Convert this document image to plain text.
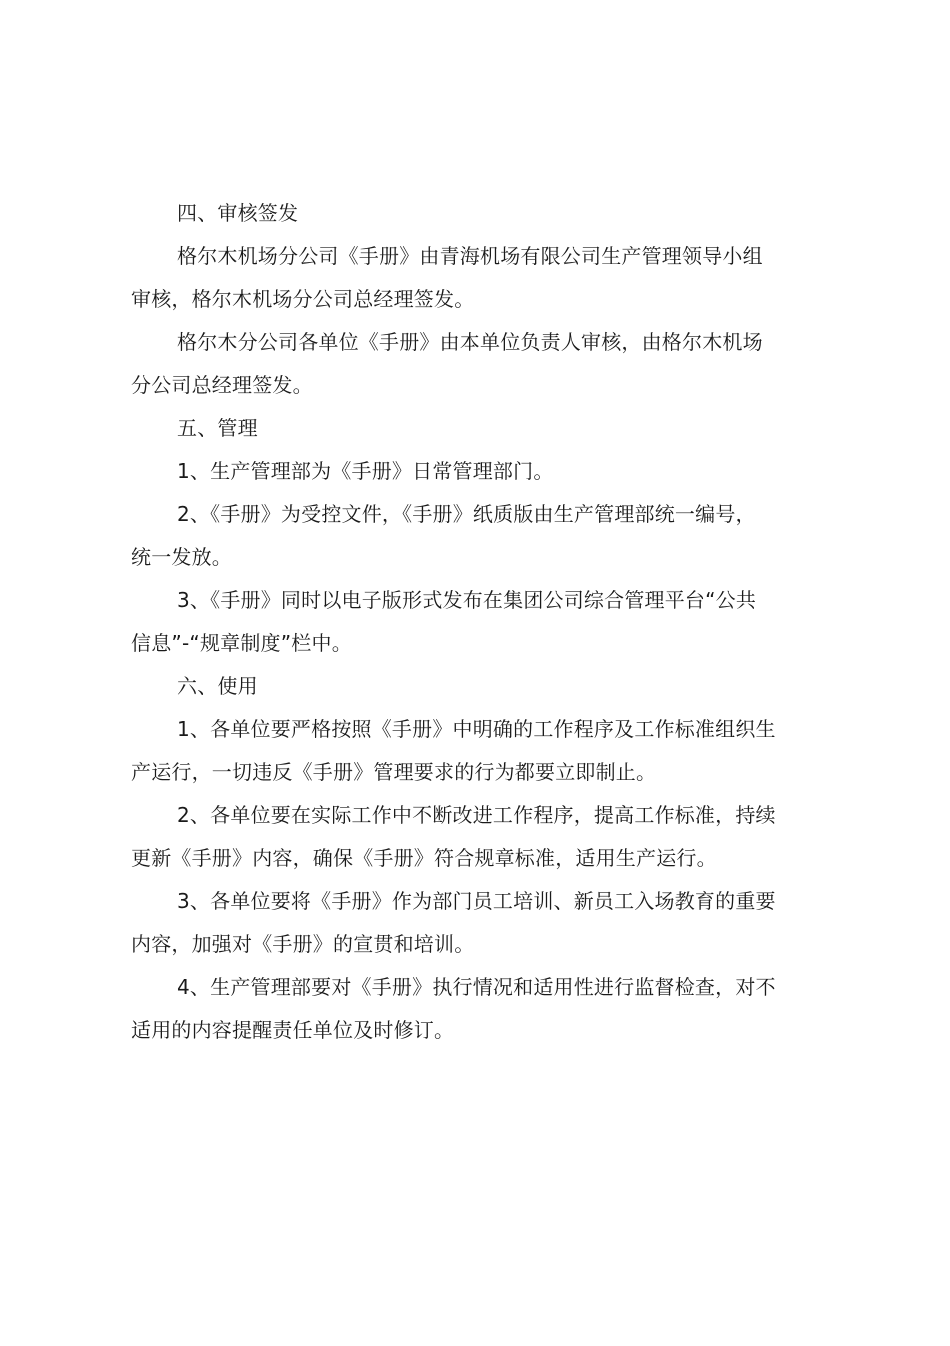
四、审核签发
格尔木机场分公司《手册》由青海机场有限公司生产管理领导小组
审核，格尔木机场分公司总经理签发。
格尔木分公司各单位《手册》由本单位负责人审核，由格尔木机场
分公司总经理签发。
五、管理
1、生产管理部为《手册》日常管理部门。
2、《手册》为受控文件，《手册》纸质版由生产管理部统一编号，
统一发放。
3、《手册》同时以电子版形式发布在集团公司综合管理平台“公共
信息”-“规章制度”栏中。
六、使用
1、各单位要严格按照《手册》中明确的工作程序及工作标准组织生
产运行，一切违反《手册》管理要求的行为都要立即制止。
2、各单位要在实际工作中不断改进工作程序，提高工作标准，持续
更新《手册》内容，确保《手册》符合规章标准，适用生产运行。
3、各单位要将《手册》作为部门员工培训、新员工入场教育的重要
内容，加强对《手册》的宣贯和培训。
4、生产管理部要对《手册》执行情况和适用性进行监督检查，对不
适用的内容提醒责任单位及时修订。
